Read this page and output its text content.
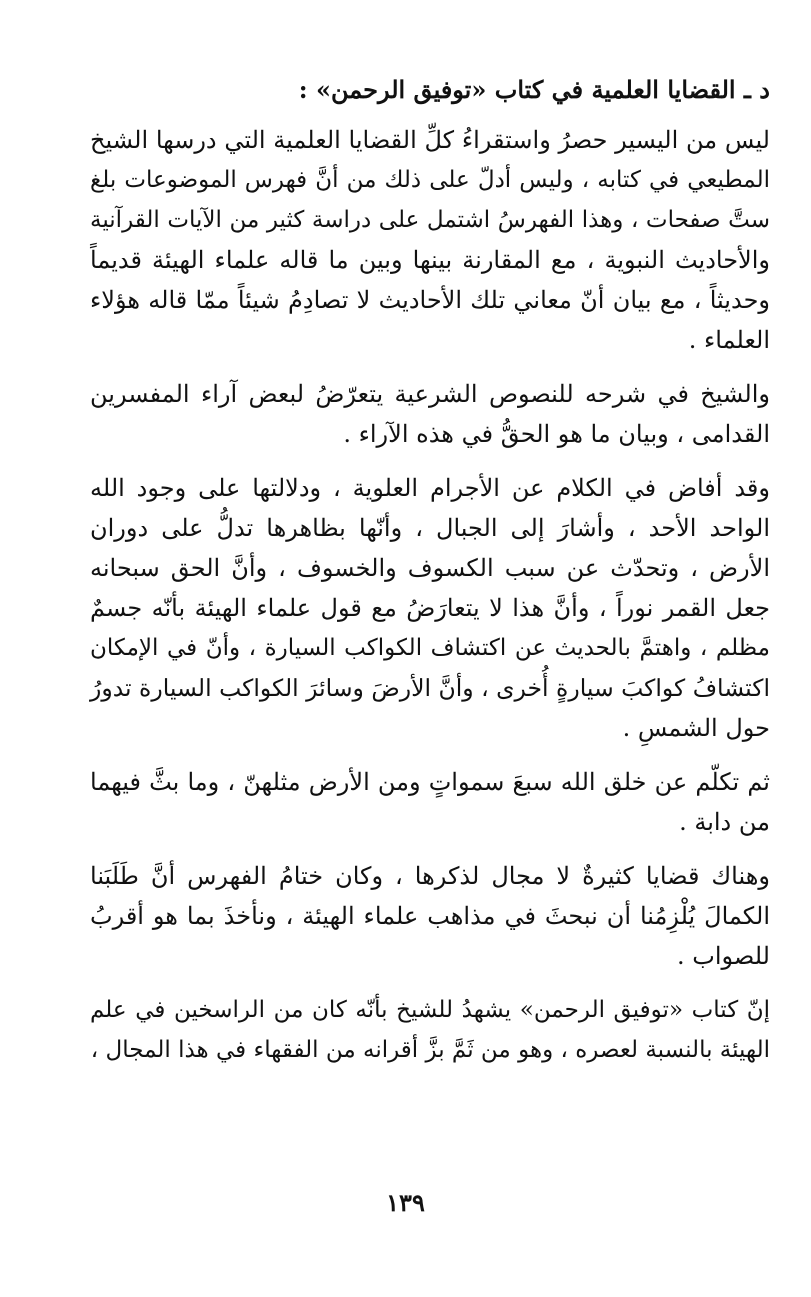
د ـ القضايا العلمية في كتاب «توفيق الرحمن» :

ليس من اليسير حصرُ واستقراءُ كلِّ القضايا العلمية التي درسها الشيخ
المطيعي في كتابه ، وليس أدلّ على ذلك من أنَّ فهرس الموضوعات بلغ
ستَّ صفحات ، وهذا الفهرسُ اشتمل على دراسة كثير من الآيات القرآنية
والأحاديث النبوية ، مع المقارنة بينها وبين ما قاله علماء الهيئة قديماً
وحديثاً ، مع بيان أنّ معاني تلك الأحاديث لا تصادِمُ شيئاً ممّا قاله هؤلاء
العلماء .

والشيخ في شرحه للنصوص الشرعية يتعرّضُ لبعض آراء المفسرين
القدامى ، وبيان ما هو الحقُّ في هذه الآراء .

وقد أفاض في الكلام عن الأجرام العلوية ، ودلالتها على وجود الله
الواحد الأحد ، وأشارَ إلى الجبال ، وأنّها بظاهرها تدلُّ على دوران
الأرض ، وتحدّث عن سبب الكسوف والخسوف ، وأنَّ الحق سبحانه
جعل القمر نوراً ، وأنَّ هذا لا يتعارَضُ مع قول علماء الهيئة بأنّه جسمٌ
مظلم ، واهتمَّ بالحديث عن اكتشاف الكواكب السيارة ، وأنّ في الإمكان
اكتشافُ كواكبَ سيارةٍ أُخرى ، وأنَّ الأرضَ وسائرَ الكواكب السيارة تدورُ
حول الشمسِ .

ثم تكلّم عن خلق الله سبعَ سمواتٍ ومن الأرض مثلهنّ ، وما بثَّ فيهما
من دابة .

وهناك قضايا كثيرةٌ لا مجال لذكرها ، وكان ختامُ الفهرس أنَّ طَلَبَنا
الكمالَ يُلْزِمُنا أن نبحثَ في مذاهب علماء الهيئة ، ونأخذَ بما هو أقربُ
للصواب .

إنّ كتاب «توفيق الرحمن» يشهدُ للشيخ بأنّه كان من الراسخين في علم
الهيئة بالنسبة لعصره ، وهو من ثَمَّ بزَّ أقرانه من الفقهاء في هذا المجال ،

١٣٩
